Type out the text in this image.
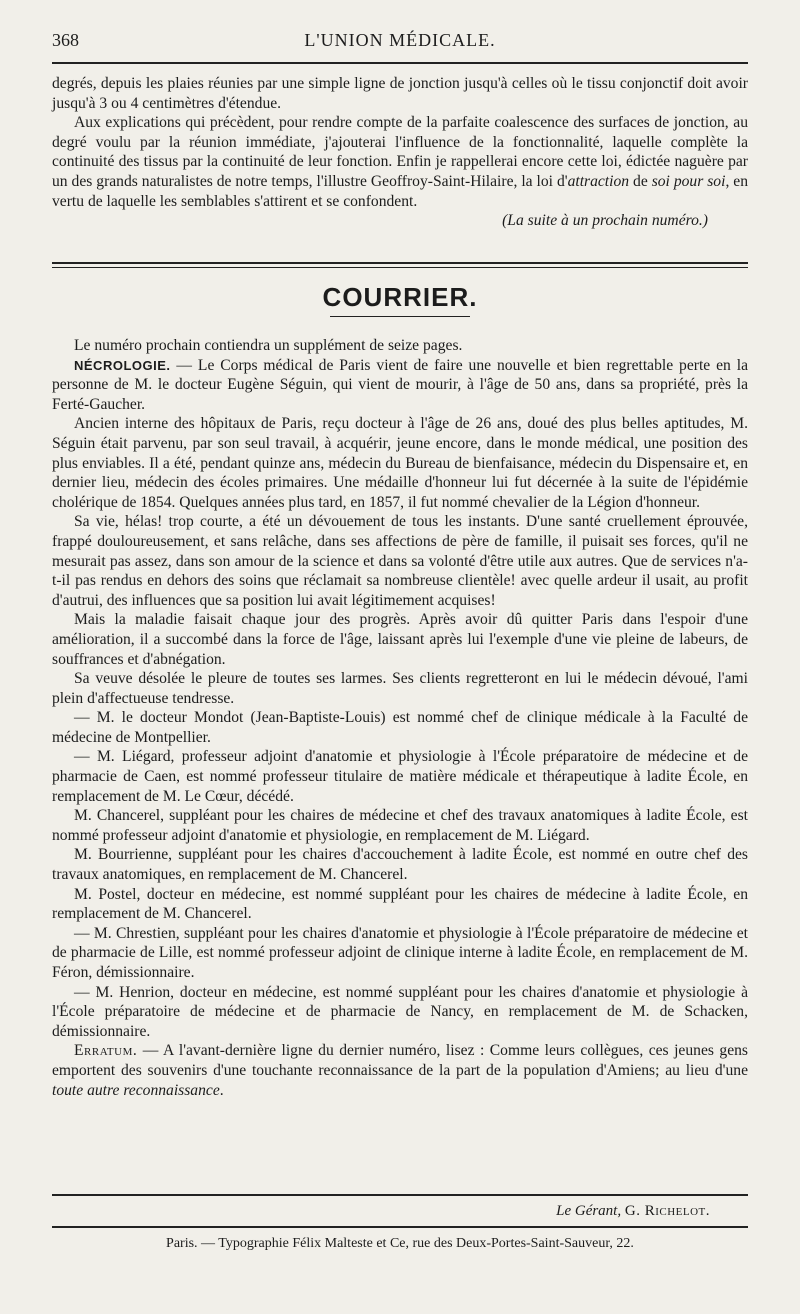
368	L'UNION MÉDICALE.

degrés, depuis les plaies réunies par une simple ligne de jonction jusqu'à celles où le tissu conjonctif doit avoir jusqu'à 3 ou 4 centimètres d'étendue.

Aux explications qui précèdent, pour rendre compte de la parfaite coalescence des surfaces de jonction, au degré voulu par la réunion immédiate, j'ajouterai l'influence de la fonctionnalité, laquelle complète la continuité des tissus par la continuité de leur fonction. Enfin je rappellerai encore cette loi, édictée naguère par un des grands naturalistes de notre temps, l'illustre Geoffroy-Saint-Hilaire, la loi d'attraction de soi pour soi, en vertu de laquelle les semblables s'attirent et se confondent.

(La suite à un prochain numéro.)

COURRIER.

Le numéro prochain contiendra un supplément de seize pages.

NÉCROLOGIE. — Le Corps médical de Paris vient de faire une nouvelle et bien regrettable perte en la personne de M. le docteur Eugène Séguin, qui vient de mourir, à l'âge de 50 ans, dans sa propriété, près la Ferté-Gaucher.

Ancien interne des hôpitaux de Paris, reçu docteur à l'âge de 26 ans, doué des plus belles aptitudes, M. Séguin était parvenu, par son seul travail, à acquérir, jeune encore, dans le monde médical, une position des plus enviables. Il a été, pendant quinze ans, médecin du Bureau de bienfaisance, médecin du Dispensaire et, en dernier lieu, médecin des écoles primaires. Une médaille d'honneur lui fut décernée à la suite de l'épidémie cholérique de 1854. Quelques années plus tard, en 1857, il fut nommé chevalier de la Légion d'honneur.

Sa vie, hélas! trop courte, a été un dévouement de tous les instants. D'une santé cruellement éprouvée, frappé douloureusement, et sans relâche, dans ses affections de père de famille, il puisait ses forces, qu'il ne mesurait pas assez, dans son amour de la science et dans sa volonté d'être utile aux autres. Que de services n'a-t-il pas rendus en dehors des soins que réclamait sa nombreuse clientèle! avec quelle ardeur il usait, au profit d'autrui, des influences que sa position lui avait légitimement acquises!

Mais la maladie faisait chaque jour des progrès. Après avoir dû quitter Paris dans l'espoir d'une amélioration, il a succombé dans la force de l'âge, laissant après lui l'exemple d'une vie pleine de labeurs, de souffrances et d'abnégation.

Sa veuve désolée le pleure de toutes ses larmes. Ses clients regretteront en lui le médecin dévoué, l'ami plein d'affectueuse tendresse.

— M. le docteur Mondot (Jean-Baptiste-Louis) est nommé chef de clinique médicale à la Faculté de médecine de Montpellier.

— M. Liégard, professeur adjoint d'anatomie et physiologie à l'École préparatoire de médecine et de pharmacie de Caen, est nommé professeur titulaire de matière médicale et thérapeutique à ladite École, en remplacement de M. Le Cœur, décédé.

M. Chancerel, suppléant pour les chaires de médecine et chef des travaux anatomiques à ladite École, est nommé professeur adjoint d'anatomie et physiologie, en remplacement de M. Liégard.

M. Bourrienne, suppléant pour les chaires d'accouchement à ladite École, est nommé en outre chef des travaux anatomiques, en remplacement de M. Chancerel.

M. Postel, docteur en médecine, est nommé suppléant pour les chaires de médecine à ladite École, en remplacement de M. Chancerel.

— M. Chrestien, suppléant pour les chaires d'anatomie et physiologie à l'École préparatoire de médecine et de pharmacie de Lille, est nommé professeur adjoint de clinique interne à ladite École, en remplacement de M. Féron, démissionnaire.

— M. Henrion, docteur en médecine, est nommé suppléant pour les chaires d'anatomie et physiologie à l'École préparatoire de médecine et de pharmacie de Nancy, en remplacement de M. de Schacken, démissionnaire.

Erratum. — A l'avant-dernière ligne du dernier numéro, lisez : Comme leurs collègues, ces jeunes gens emportent des souvenirs d'une touchante reconnaissance de la part de la population d'Amiens; au lieu d'une toute autre reconnaissance.

Le Gérant, G. Richelot.
Paris. — Typographie Félix Malteste et Ce, rue des Deux-Portes-Saint-Sauveur, 22.
